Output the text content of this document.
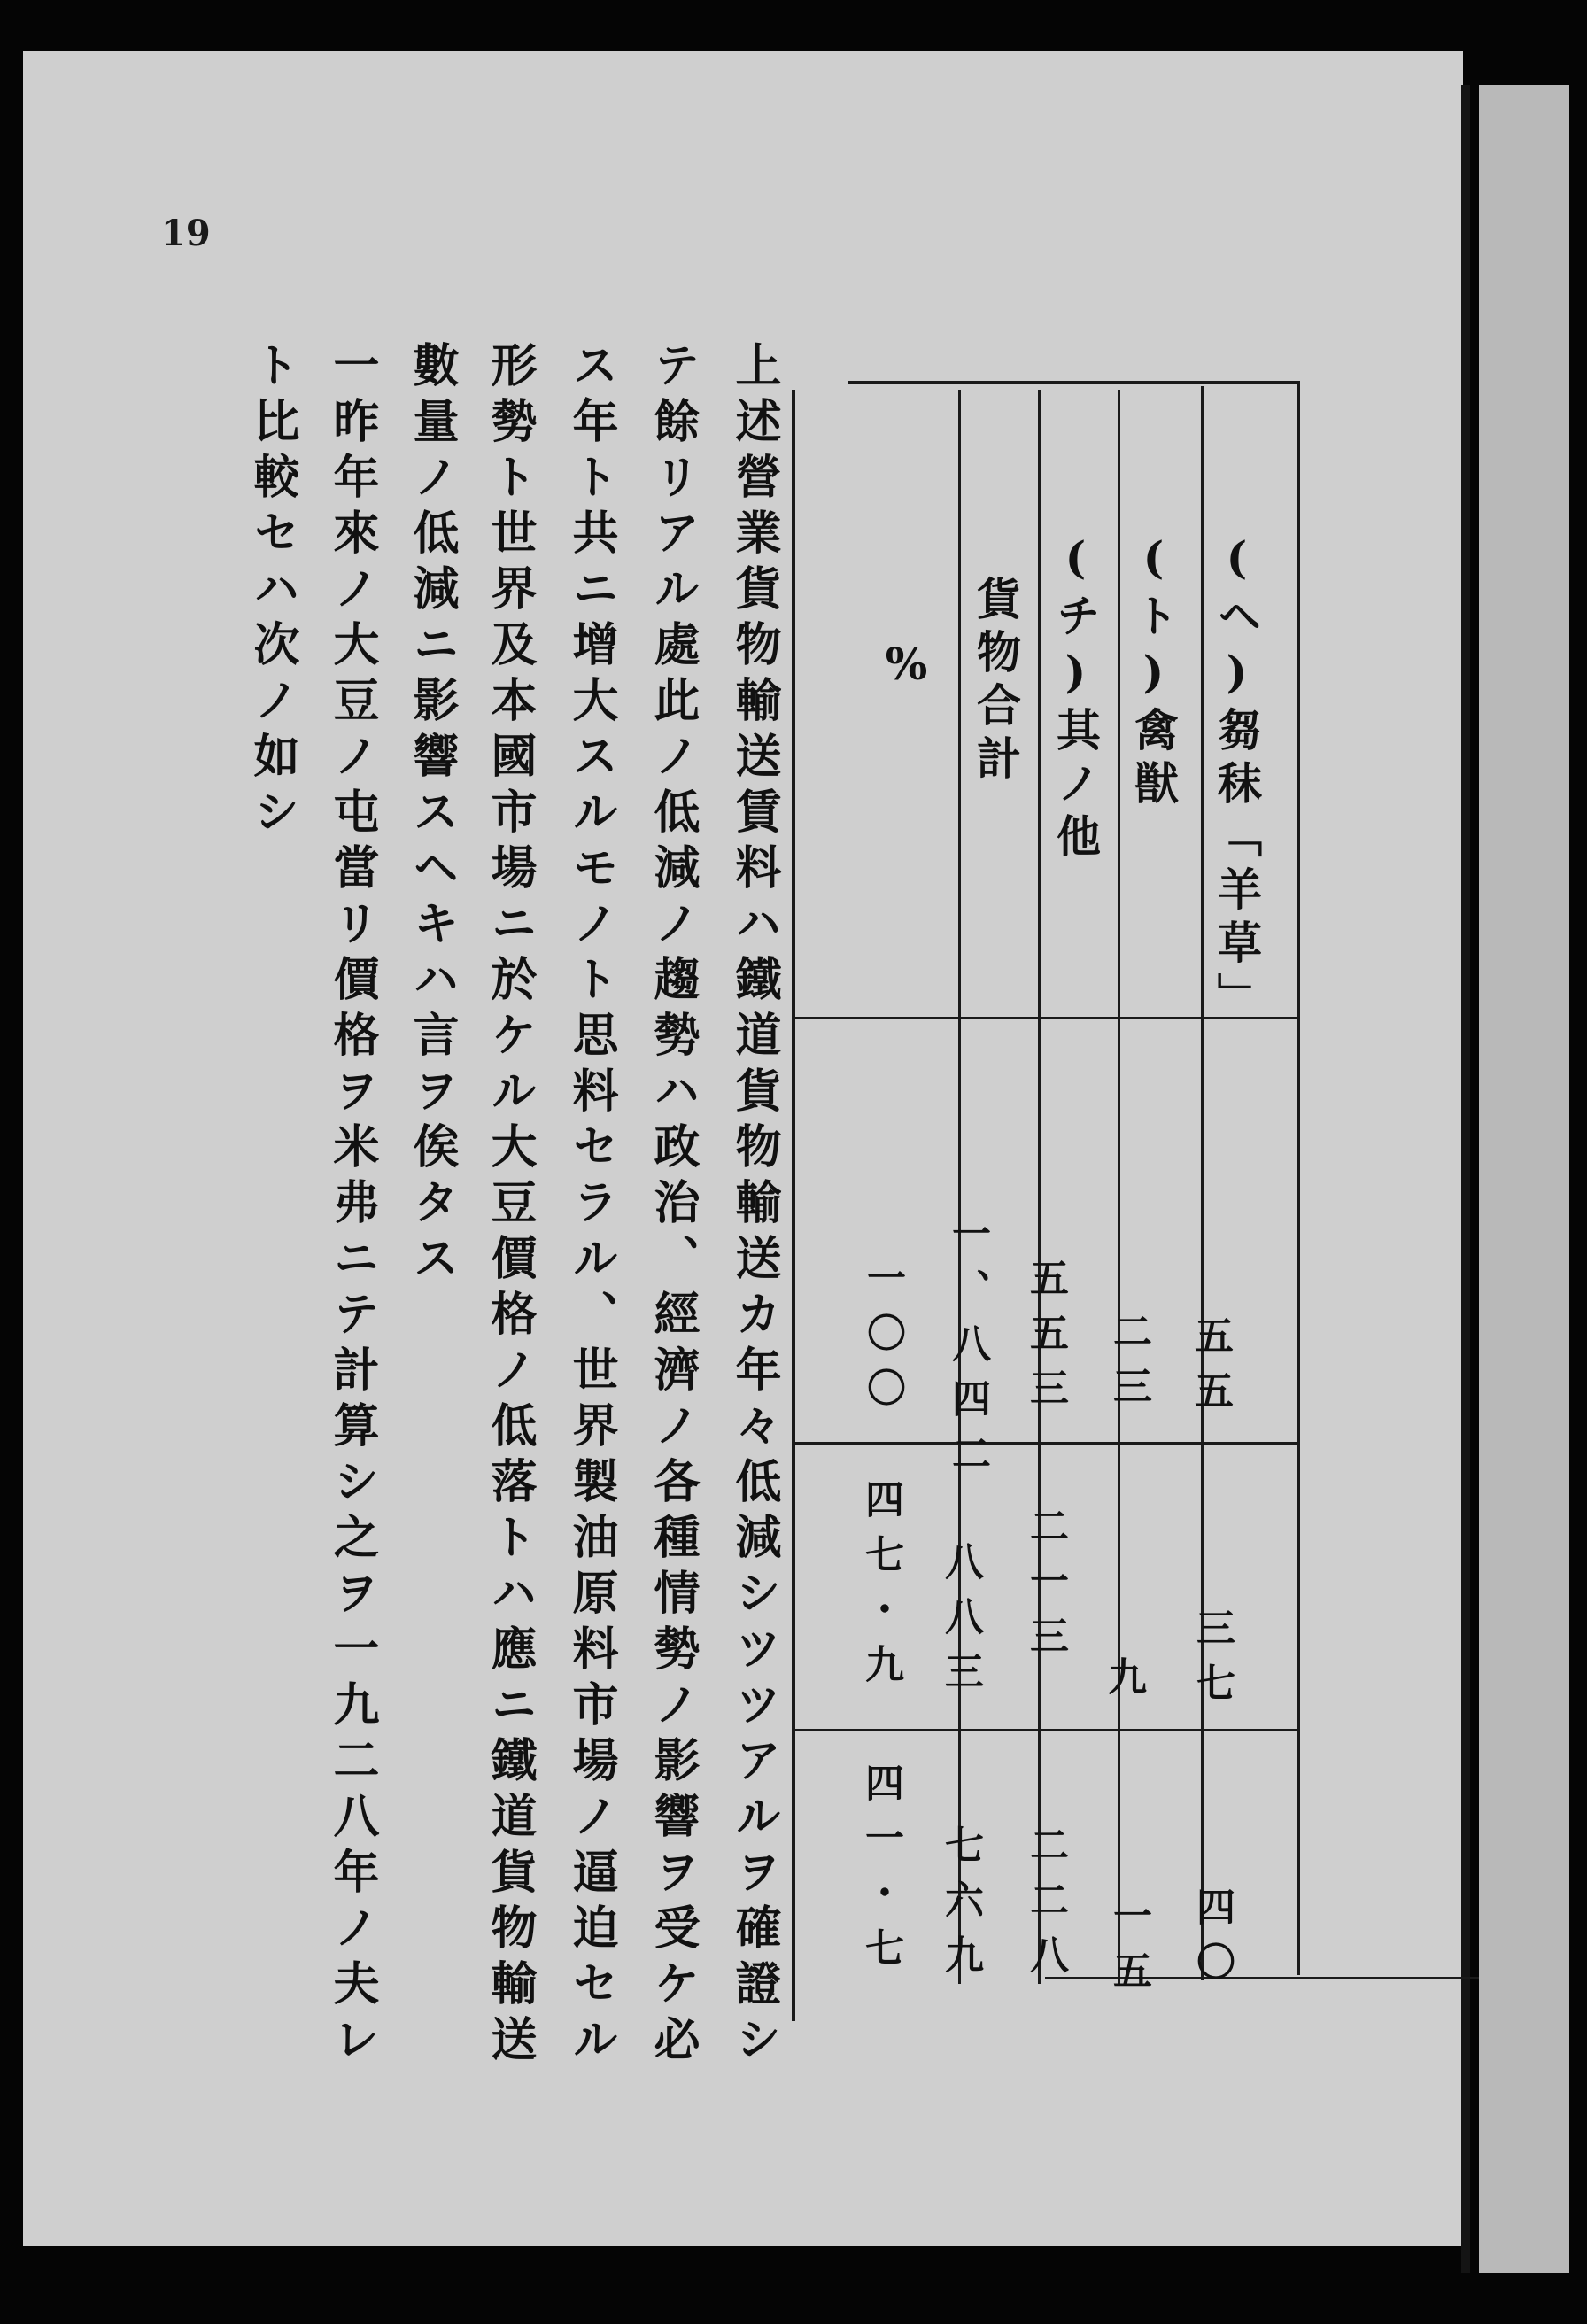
19
(ヘ)芻秣「羊草」
五五
三七
四〇
(ト)禽獣
二三
九
一五
(チ)其ノ他
五五三
二一三
二二八
貨物合計
一、八四二
八八三
七六九
%
一〇〇
四七・九
四一・七
上述營業貨物輸送賃料ハ鐵道貨物輸送カ年々低減シツツアルヲ確證シ
テ餘リアル處此ノ低減ノ趨勢ハ政治、經濟ノ各種情勢ノ影響ヲ受ケ必
ス年ト共ニ增大スルモノト思料セラル、世界製油原料市場ノ逼迫セル
形勢ト世界及本國市場ニ於ケル大豆價格ノ低落トハ應ニ鐵道貨物輸送
數量ノ低減ニ影響スヘキハ言ヲ俟タス
一昨年來ノ大豆ノ屯當リ價格ヲ米弗ニテ計算シ之ヲ一九二八年ノ夫レ
ト比較セハ次ノ如シ
